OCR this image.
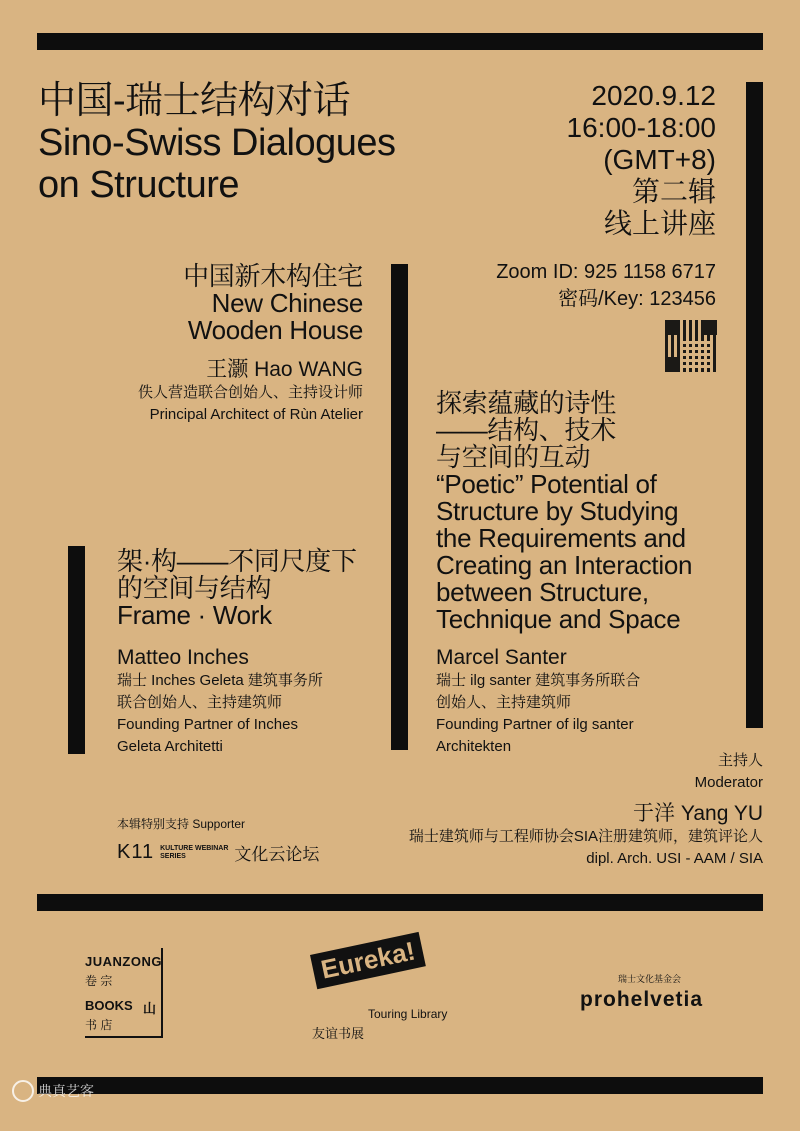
中国-瑞士结构对话
Sino-Swiss Dialogues
on Structure
2020.9.12
16:00-18:00
(GMT+8)
第二辑
线上讲座
Zoom ID: 925 1158 6717
密码/Key: 123456
中国新木构住宅
New Chinese
Wooden House
王灏 Hao WANG
佚人营造联合创始人、主持设计师
Principal Architect of Rùn Atelier	探索蕴藏的诗性
——结构、技术
与空间的互动
“Poetic” Potential of
Structure by Studying
the Requirements and
Creating an Interaction
between Structure,
Technique and Space
Marcel Santer
瑞士 ilg santer 建筑事务所联合
创始人、主持建筑师
Founding Partner of ilg santer
Architekten
架·构——不同尺度下
的空间与结构
Frame · Work
Matteo Inches
瑞士 Inches Geleta 建筑事务所
联合创始人、主持建筑师
Founding Partner of Inches
Geleta Architetti
主持人
Moderator
于洋 Yang YU
瑞士建筑师与工程师协会SIA注册建筑师，建筑评论人
dipl. Arch. USI - AAM / SIA
本辑特别支持 Supporter
K11 KULTURE WEBINAR
SERIES	文化云论坛
JUANZONG
卷 宗
BOOKS 山
书 店
Eureka!
Touring Library
友谊书展
瑞士文化基金会
prohelvetia
典真艺客
